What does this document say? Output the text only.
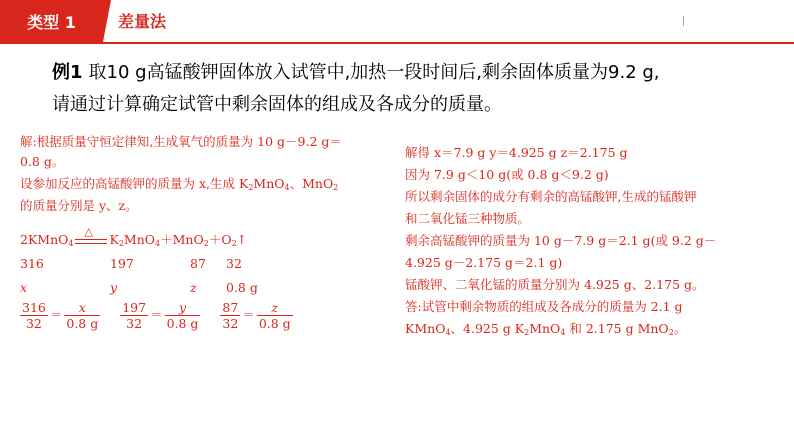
类型 1	差量法
例1 取10 g高锰酸钾固体放入试管中,加热一段时间后,剩余固体质量为9.2 g,
请通过计算确定试管中剩余固体的组成及各成分的质量。
解:根据质量守恒定律知,生成氧气的质量为 10 g－9.2 g＝
0.8 g。
设参加反应的高锰酸钾的质量为 x,生成 $K_2MnO_4$、MnO$_2$
的质量分别是 y、z。
2KMnO$_4$
△
$K_2MnO_4+MnO_2+O_2↑$
316	197	87 32
x	y	z 0.8 g
$\frac{316}{32} = \frac{x}{0.8 g}$
$\frac{197}{32} = \frac{y}{0.8 g}$
$\frac{87}{32} = \frac{z}{0.8 g}$
解得 x＝7.9 g y＝4.925 g z＝2.175 g
因为 7.9 g＜10 g(或 0.8 g＜9.2 g)
所以剩余固体的成分有剩余的高锰酸钾,生成的锰酸钾
和二氧化锰三种物质。
剩余高锰酸钾的质量为 10 g－7.9 g＝2.1 g(或 9.2 g－
4.925 g－2.175 g＝2.1 g)
锰酸钾、二氧化锰的质量分别为 4.925 g、2.175 g。
答:试管中剩余物质的组成及各成分的质量为 2.1 g
KMnO$_4$、4.925 g $K_2MnO_4$ 和 2.175 g MnO$_2$。
